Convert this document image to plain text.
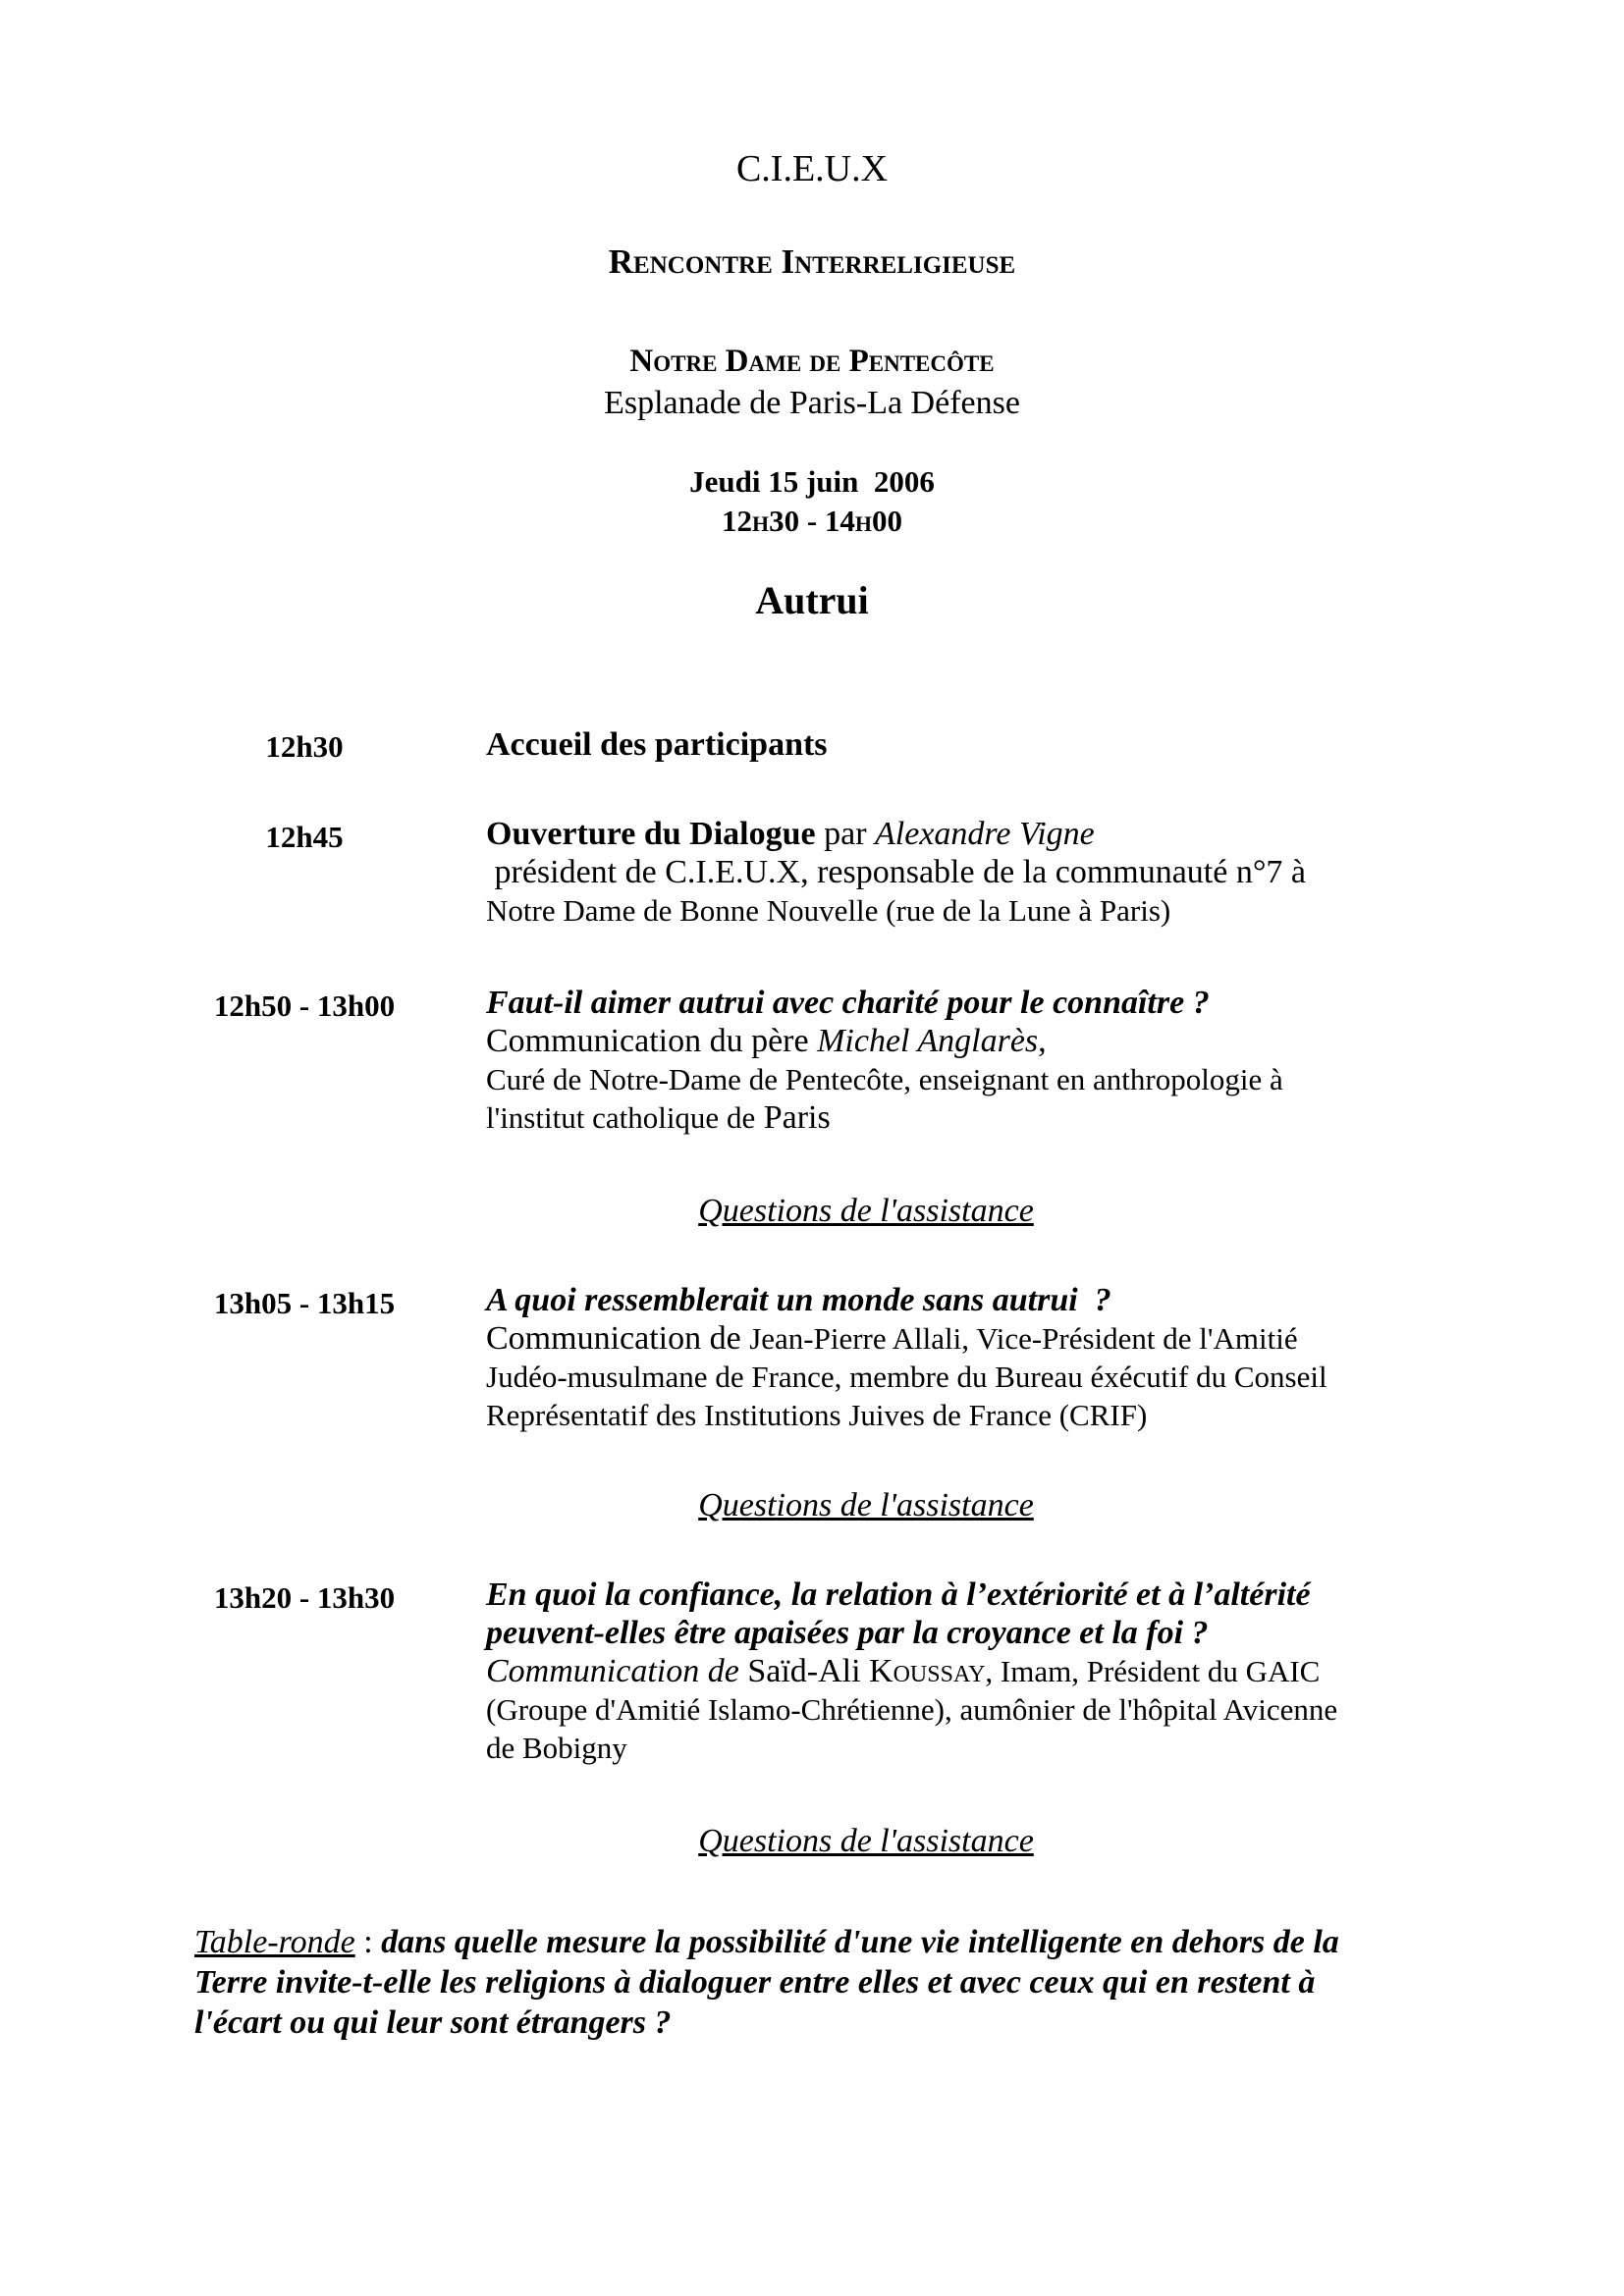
C.I.E.U.X
Rencontre Interreligieuse
Notre Dame de Pentecôte
Esplanade de Paris-La Défense
Jeudi 15 juin  2006
12h30 - 14h00
Autrui
12h30	Accueil des participants
12h45	Ouverture du Dialogue par Alexandre Vigne
président de C.I.E.U.X, responsable de la communauté n°7 à
Notre Dame de Bonne Nouvelle (rue de la Lune à Paris)
12h50 - 13h00	Faut-il aimer autrui avec charité pour le connaître ?
Communication du père Michel Anglarès,
Curé de Notre-Dame de Pentecôte, enseignant en anthropologie à
l'institut catholique de Paris
Questions de l'assistance
13h05 - 13h15	A quoi ressemblerait un monde sans autrui  ?
Communication de Jean-Pierre Allali, Vice-Président de l'Amitié
Judéo-musulmane de France, membre du Bureau éxécutif du Conseil
Représentatif des Institutions Juives de France (CRIF)
Questions de l'assistance
13h20 - 13h30	En quoi la confiance, la relation à l’extériorité et à l’altérité
peuvent-elles être apaisées par la croyance et la foi ?
Communication de Saïd-Ali Koussay, Imam, Président du GAIC
(Groupe d'Amitié Islamo-Chrétienne), aumônier de l'hôpital Avicenne
de Bobigny
Questions de l'assistance
Table-ronde : dans quelle mesure la possibilité d'une vie intelligente en dehors de la
Terre invite-t-elle les religions à dialoguer entre elles et avec ceux qui en restent à
l'écart ou qui leur sont étrangers ?
